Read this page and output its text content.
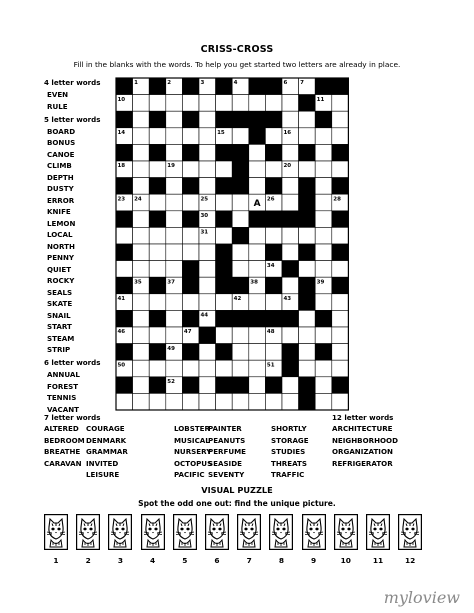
CRISS-CROSS
Fill in the blanks with the words. To help you get started two letters are already in place.
4 letter words
EVEN
RULE
5 letter words
BOARD
BONUS
CANOE
CLIMB
DEPTH
DUSTY
ERROR
KNIFE
LEMON
LOCAL
NORTH
PENNY
QUIET
ROCKY
SEALS
SKATE
SNAIL
START
STEAM
STRIP
6 letter words
ANNUAL
FOREST
TENNIS
VACANT
1	2	3	4 5	6 7	8
10	11
12	13
14	15	16
17
18	19	20
21	22
23 24	25	26	27	28
29	30
31
32	33
34
35 36 37	38	39 40
41	42	43
44	45
46	47	48
49
50	51
52
O
A
7 letter words
ALTERED
BEDROOM
BREATHE
CARAVAN
COURAGE
DENMARK
GRAMMAR
INVITED
LEISURE
LOBSTER
MUSICAL
NURSERY
OCTOPUS
PACIFIC
PAINTER
PEANUTS
PERFUME
SEASIDE
SEVENTY
SHORTLY
STORAGE
STUDIES
THREATS
TRAFFIC
12 letter words
ARCHITECTURE
NEIGHBORHOOD
ORGANIZATION
REFRIGERATOR
VISUAL PUZZLE
Spot the odd one out: find the unique picture.
1	2	3	4	5	6	7	8	9	10	11	12
myloview
